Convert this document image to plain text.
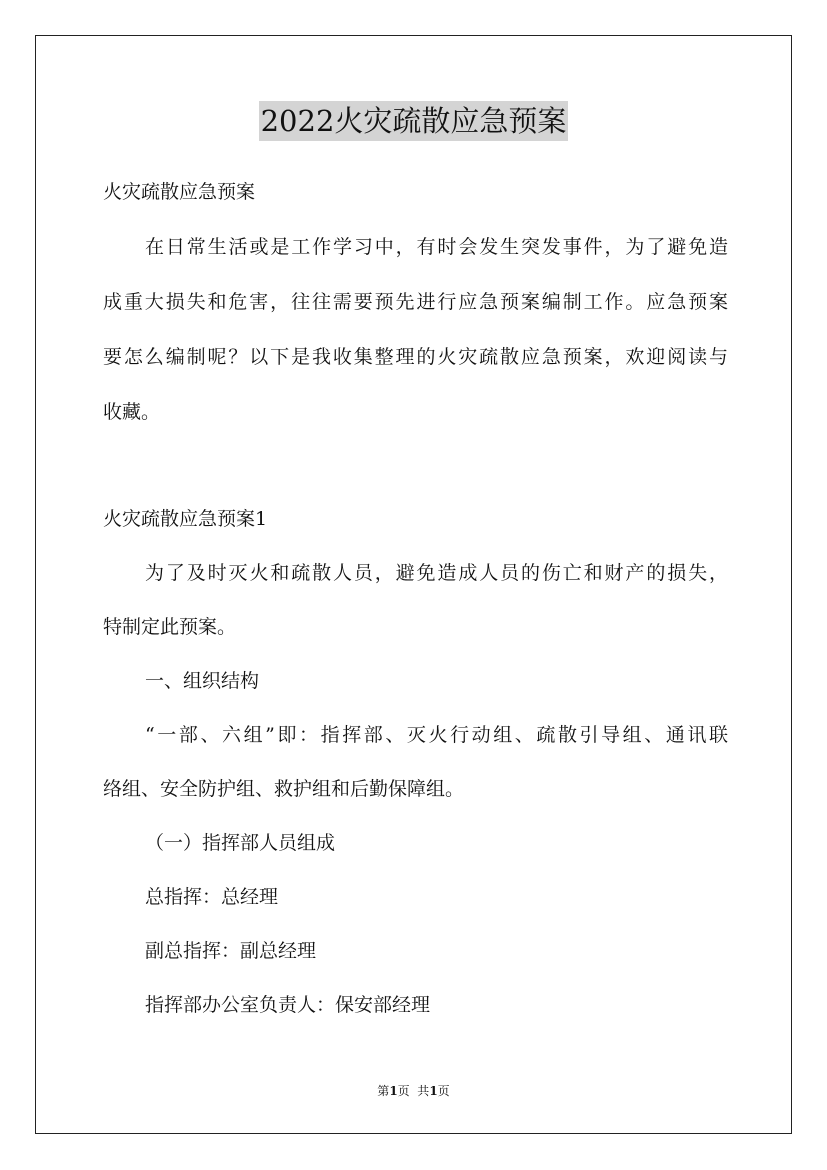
2022火灾疏散应急预案

火灾疏散应急预案

在日常生活或是工作学习中，有时会发生突发事件，为了避免造

成重大损失和危害，往往需要预先进行应急预案编制工作。应急预案

要怎么编制呢？以下是我收集整理的火灾疏散应急预案，欢迎阅读与

收藏。

火灾疏散应急预案1

为了及时灭火和疏散人员，避免造成人员的伤亡和财产的损失，

特制定此预案。

一、组织结构

“一部、六组”即：指挥部、灭火行动组、疏散引导组、通讯联

络组、安全防护组、救护组和后勤保障组。

（一）指挥部人员组成

总指挥：总经理

副总指挥：副总经理

指挥部办公室负责人：保安部经理

第1页  共1页
